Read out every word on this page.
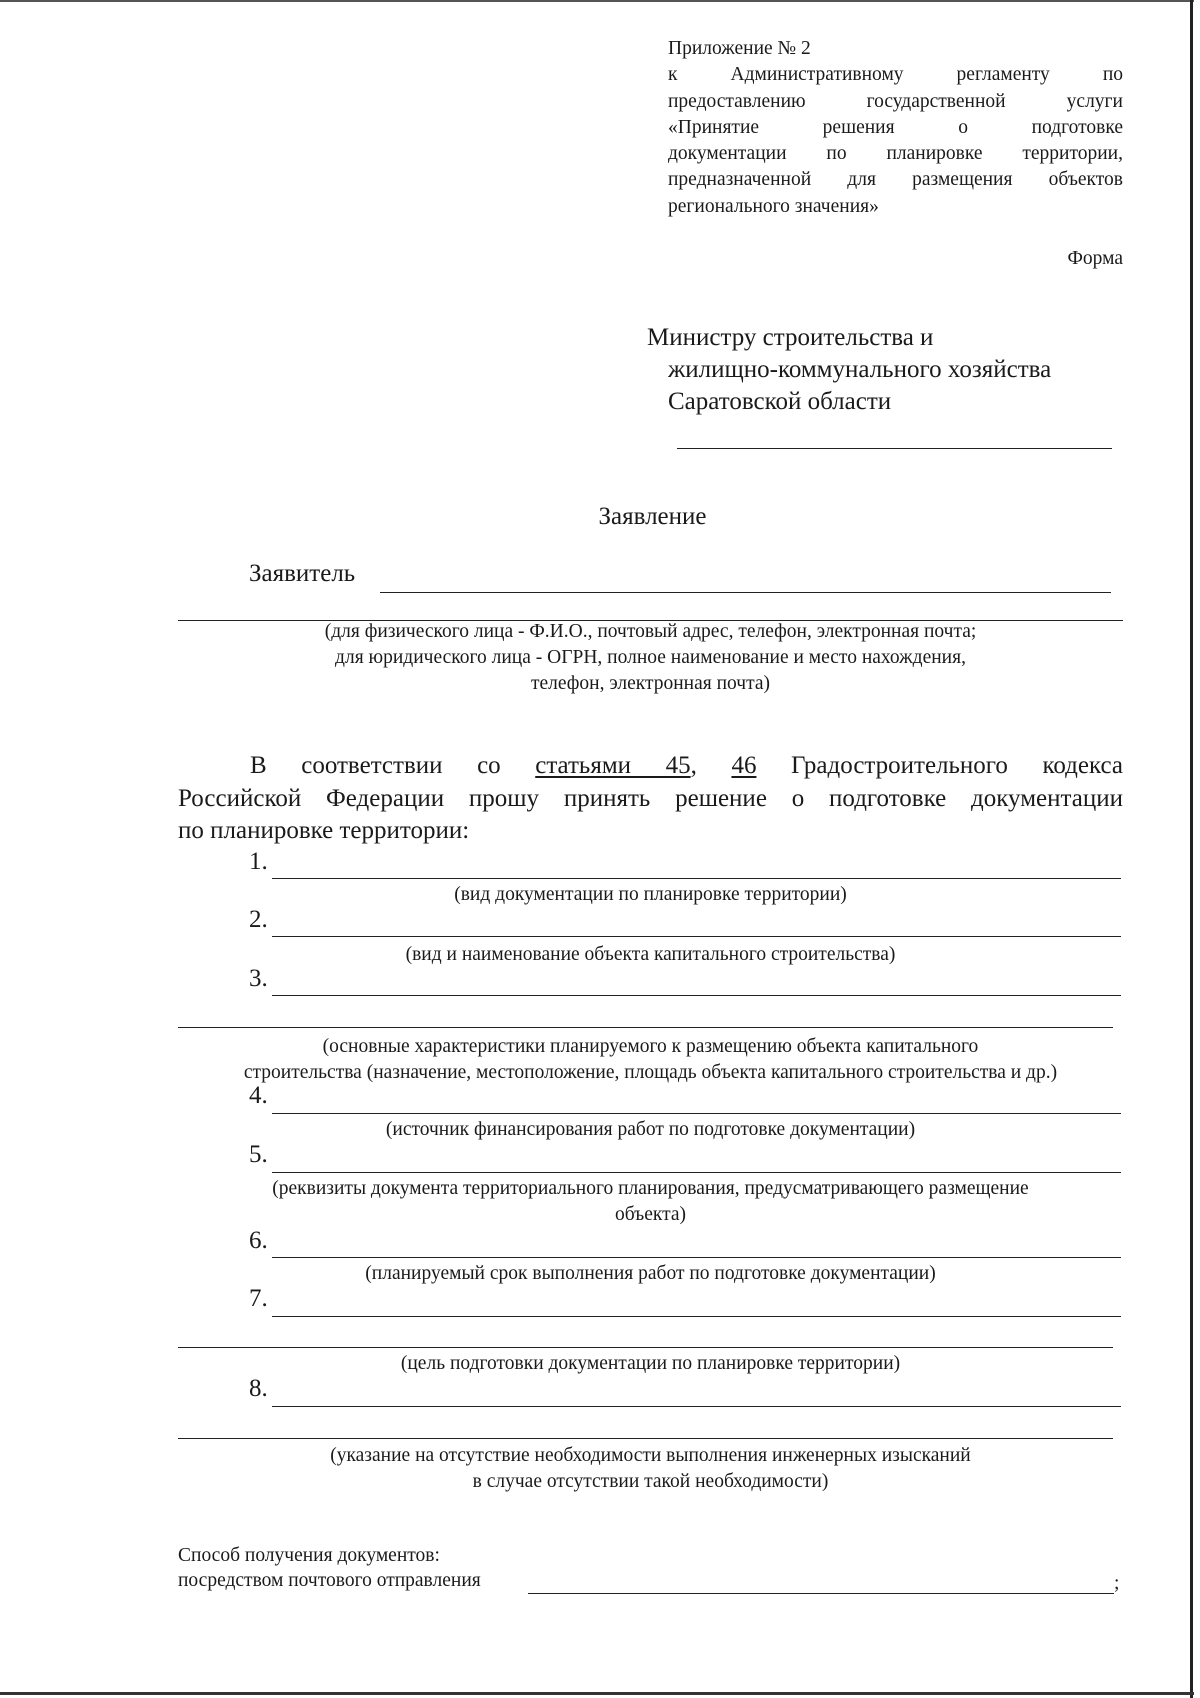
Приложение № 2
к Административному регламенту по
предоставлению государственной услуги
«Принятие решения о подготовке
документации по планировке территории,
предназначенной для размещения объектов
регионального значения»
Форма
Министру строительства и
жилищно-коммунального хозяйства
Саратовской области
Заявление
Заявитель
(для физического лица - Ф.И.О., почтовый адрес, телефон, электронная почта;
для юридического лица - ОГРН, полное наименование и место нахождения,
телефон, электронная почта)
В соответствии со статьями 45, 46 Градостроительного кодекса
Российской Федерации прошу принять решение о подготовке документации
по планировке территории:
1.
(вид документации по планировке территории)
2.
(вид и наименование объекта капитального строительства)
3.
(основные характеристики планируемого к размещению объекта капитального
строительства (назначение, местоположение, площадь объекта капитального строительства и др.)
4.
(источник финансирования работ по подготовке документации)
5.
(реквизиты документа территориального планирования, предусматривающего размещение
объекта)
6.
(планируемый срок выполнения работ по подготовке документации)
7.
(цель подготовки документации по планировке территории)
8.
(указание на отсутствие необходимости выполнения инженерных изысканий
в случае отсутствии такой необходимости)
Способ получения документов:
посредством почтового отправления	;
